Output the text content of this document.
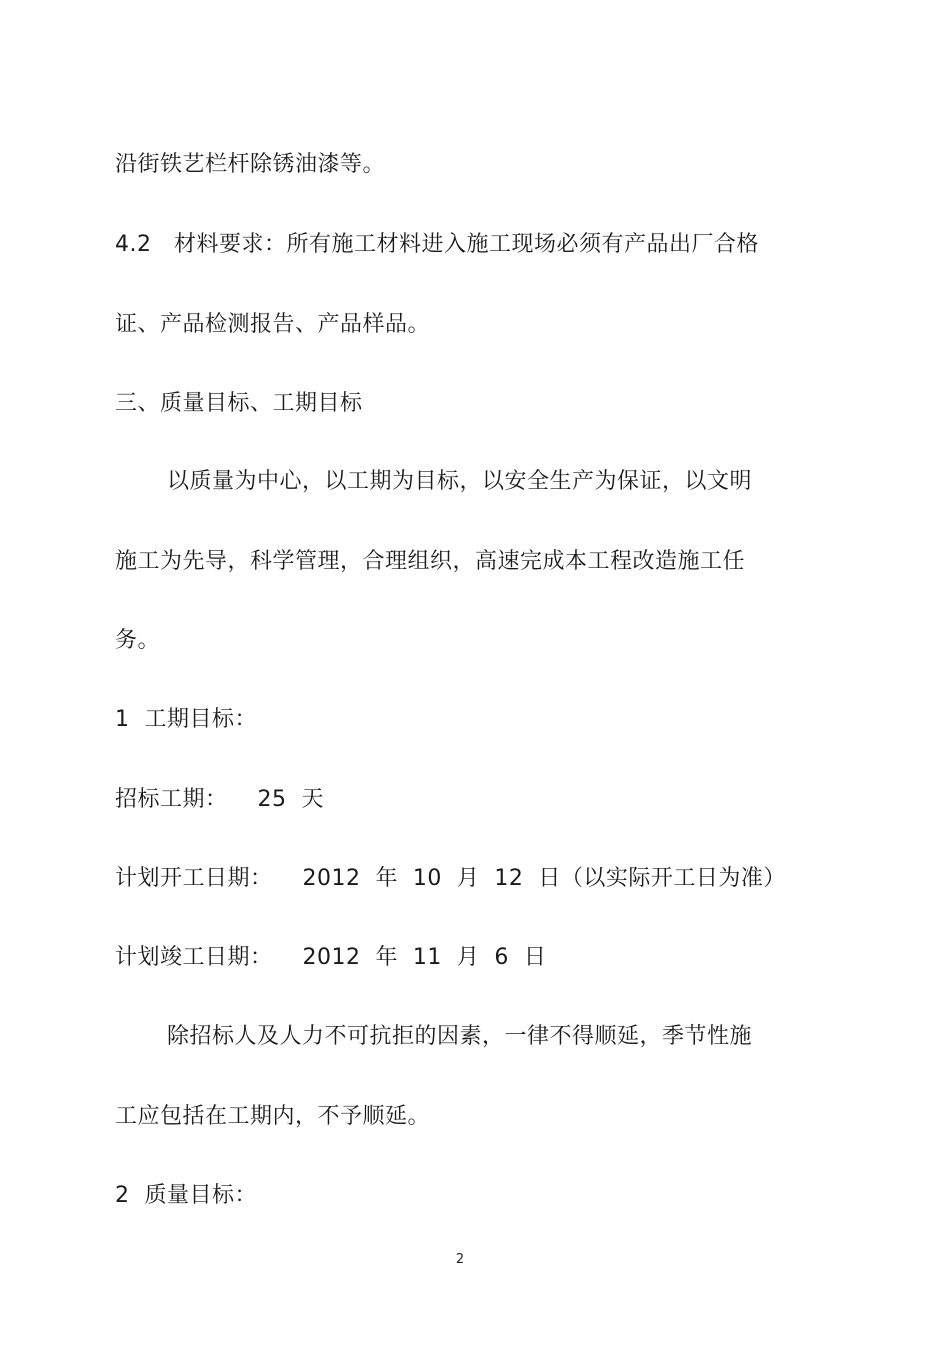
沿街铁艺栏杆除锈油漆等。
4.2   材料要求：所有施工材料进入施工现场必须有产品出厂合格
证、产品检测报告、产品样品。
三、质量目标、工期目标
以质量为中心，以工期为目标，以安全生产为保证，以文明
施工为先导，科学管理，合理组织，高速完成本工程改造施工任
务。
1  工期目标：
招标工期：    25  天
计划开工日期：    2012  年  10  月  12  日（以实际开工日为准）
计划竣工日期：    2012  年  11  月  6  日
除招标人及人力不可抗拒的因素，一律不得顺延，季节性施
工应包括在工期内，不予顺延。
2  质量目标：
2
